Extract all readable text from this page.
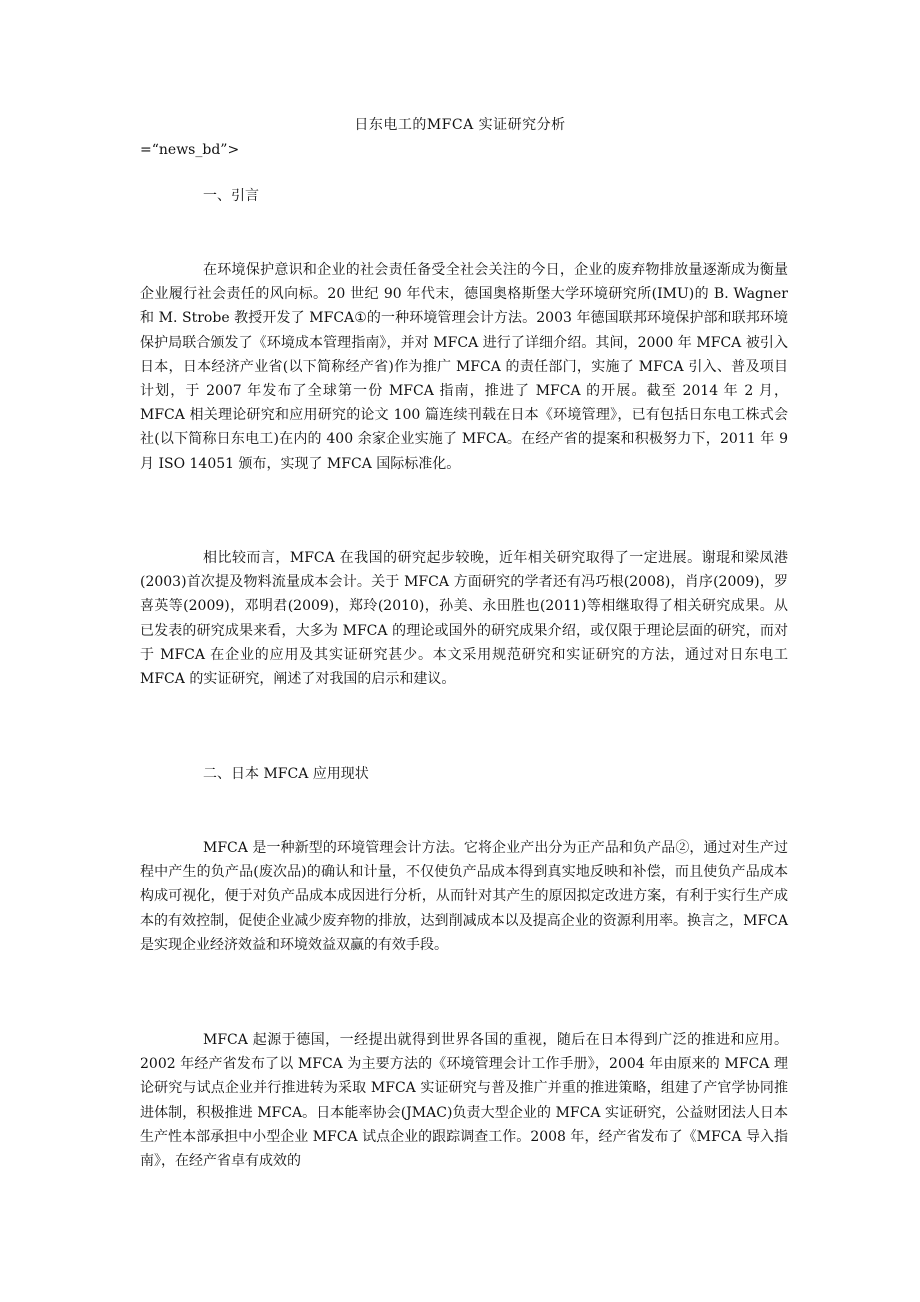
日东电工的MFCA 实证研究分析
=“news_bd”>
一、引言

在环境保护意识和企业的社会责任备受全社会关注的今日，企业的废弃物排放量逐渐成为衡量企业履行社会责任的风向标。20 世纪 90 年代末，德国奥格斯堡大学环境研究所(IMU)的 B. Wagner 和 M. Strobe 教授开发了 MFCA①的一种环境管理会计方法。2003 年德国联邦环境保护部和联邦环境保护局联合颁发了《环境成本管理指南》，并对 MFCA 进行了详细介绍。其间，2000 年 MFCA 被引入日本，日本经济产业省(以下简称经产省)作为推广 MFCA 的责任部门，实施了 MFCA 引入、普及项目计划，于 2007 年发布了全球第一份 MFCA 指南，推进了 MFCA 的开展。截至 2014 年 2 月，MFCA 相关理论研究和应用研究的论文 100 篇连续刊载在日本《环境管理》，已有包括日东电工株式会社(以下简称日东电工)在内的 400 余家企业实施了 MFCA。在经产省的提案和积极努力下，2011 年 9 月 ISO 14051 颁布，实现了 MFCA 国际标准化。

相比较而言，MFCA 在我国的研究起步较晚，近年相关研究取得了一定进展。谢琨和梁凤港(2003)首次提及物料流量成本会计。关于 MFCA 方面研究的学者还有冯巧根(2008)，肖序(2009)，罗喜英等(2009)，邓明君(2009)，郑玲(2010)，孙美、永田胜也(2011)等相继取得了相关研究成果。从已发表的研究成果来看，大多为 MFCA 的理论或国外的研究成果介绍，或仅限于理论层面的研究，而对于 MFCA 在企业的应用及其实证研究甚少。本文采用规范研究和实证研究的方法，通过对日东电工 MFCA 的实证研究，阐述了对我国的启示和建议。

二、日本 MFCA 应用现状

MFCA 是一种新型的环境管理会计方法。它将企业产出分为正产品和负产品②，通过对生产过程中产生的负产品(废次品)的确认和计量，不仅使负产品成本得到真实地反映和补偿，而且使负产品成本构成可视化，便于对负产品成本成因进行分析，从而针对其产生的原因拟定改进方案，有利于实行生产成本的有效控制，促使企业减少废弃物的排放，达到削减成本以及提高企业的资源利用率。换言之，MFCA 是实现企业经济效益和环境效益双赢的有效手段。

MFCA 起源于德国，一经提出就得到世界各国的重视，随后在日本得到广泛的推进和应用。2002 年经产省发布了以 MFCA 为主要方法的《环境管理会计工作手册》，2004 年由原来的 MFCA 理论研究与试点企业并行推进转为采取 MFCA 实证研究与普及推广并重的推进策略，组建了产官学协同推进体制，积极推进 MFCA。日本能率协会(JMAC)负责大型企业的 MFCA 实证研究，公益财团法人日本生产性本部承担中小型企业 MFCA 试点企业的跟踪调查工作。2008 年，经产省发布了《MFCA 导入指南》，在经产省卓有成效的
